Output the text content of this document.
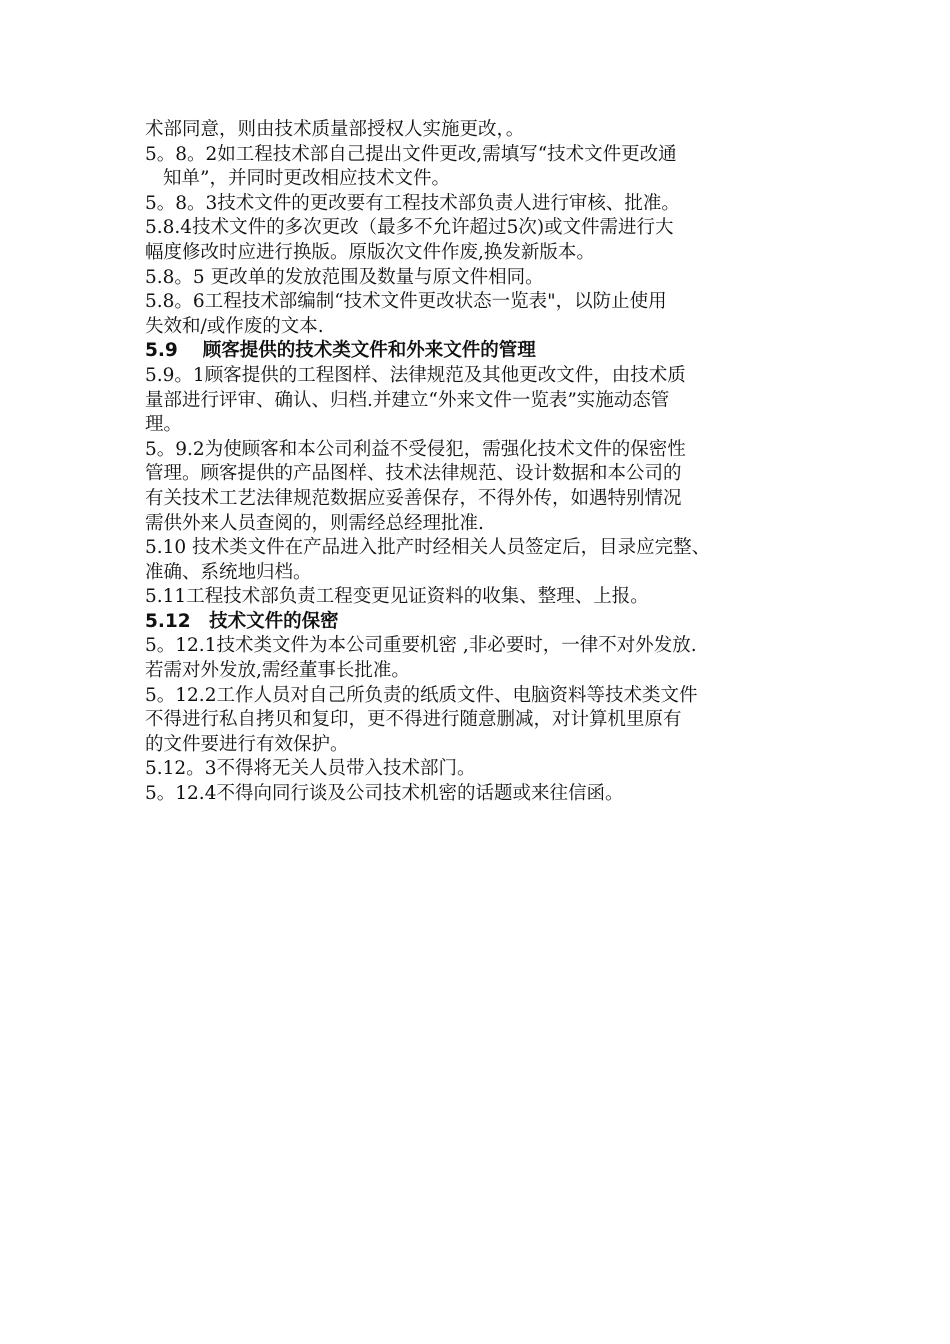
术部同意，则由技术质量部授权人实施更改，。
5。8。2如工程技术部自己提出文件更改,需填写“技术文件更改通
知单”，并同时更改相应技术文件。
5。8。3技术文件的更改要有工程技术部负责人进行审核、批准。
5.8.4技术文件的多次更改（最多不允许超过5次)或文件需进行大
幅度修改时应进行换版。原版次文件作废,换发新版本。
5.8。5 更改单的发放范围及数量与原文件相同。
5.8。6工程技术部编制“技术文件更改状态一览表"，以防止使用
失效和/或作废的文本.
5.9　 顾客提供的技术类文件和外来文件的管理
5.9。1顾客提供的工程图样、法律规范及其他更改文件，由技术质
量部进行评审、确认、归档.并建立“外来文件一览表”实施动态管
理。
5。9.2为使顾客和本公司利益不受侵犯，需强化技术文件的保密性
管理。顾客提供的产品图样、技术法律规范、设计数据和本公司的
有关技术工艺法律规范数据应妥善保存，不得外传，如遇特别情况
需供外来人员查阅的，则需经总经理批准.
5.10 技术类文件在产品进入批产时经相关人员签定后，目录应完整、
准确、系统地归档。
5.11工程技术部负责工程变更见证资料的收集、整理、上报。
5.12　技术文件的保密
5。12.1技术类文件为本公司重要机密 ,非必要时，一律不对外发放.
若需对外发放,需经董事长批准。
5。12.2工作人员对自己所负责的纸质文件、电脑资料等技术类文件
不得进行私自拷贝和复印，更不得进行随意删减，对计算机里原有
的文件要进行有效保护。
5.12。3不得将无关人员带入技术部门。
5。12.4不得向同行谈及公司技术机密的话题或来往信函。
